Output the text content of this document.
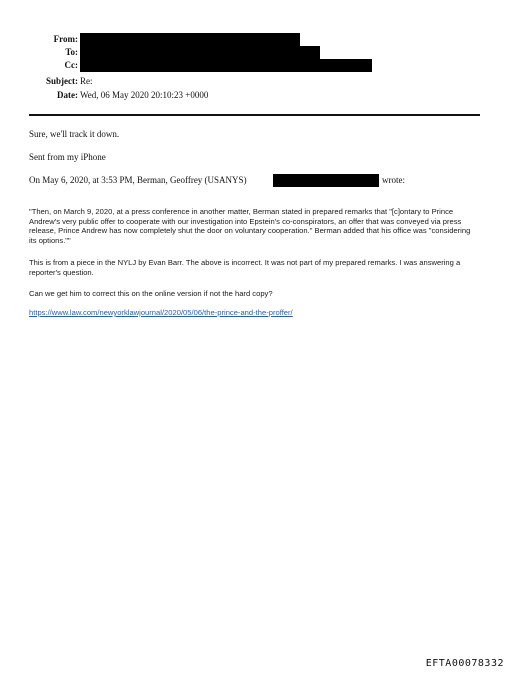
From:
To:
Cc:
Subject: Re:
Date: Wed, 06 May 2020 20:10:23 +0000
Sure, we'll track it down.
Sent from my iPhone
On May 6, 2020, at 3:53 PM, Berman, Geoffrey (USANYS)	wrote:
"Then, on March 9, 2020, at a press conference in another matter, Berman stated in prepared remarks that "[c]ontary to Prince Andrew's very public offer to cooperate with our investigation into Epstein's co-conspirators, an offer that was conveyed via press release, Prince Andrew has now completely shut the door on voluntary cooperation." Berman added that his office was "considering its options.""
This is from a piece in the NYLJ by Evan Barr. The above is incorrect. It was not part of my prepared remarks. I was answering a reporter's question.
Can we get him to correct this on the online version if not the hard copy?
https://www.law.com/newyorklawjournal/2020/05/06/the-prince-and-the-proffer/
EFTA00078332
